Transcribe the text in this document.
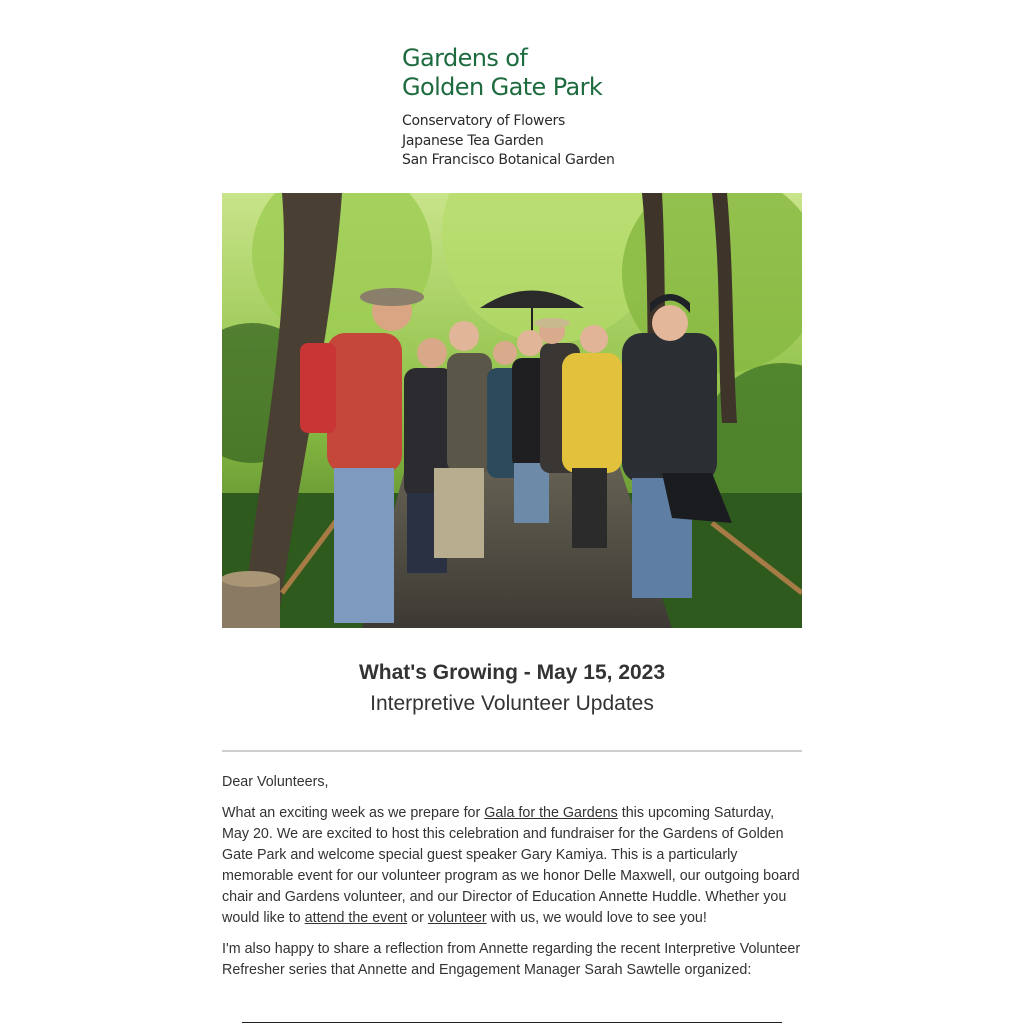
Gardens of

Golden Gate Park

Conservatory of Flowers
Japanese Tea Garden
San Francisco Botanical Garden
What's Growing - May 15, 2023
Interpretive Volunteer Updates

Dear Volunteers,

What an exciting week as we prepare for Gala for the Gardens this upcoming Saturday, May 20. We are excited to host this celebration and fundraiser for the Gardens of Golden Gate Park and welcome special guest speaker Gary Kamiya. This is a particularly memorable event for our volunteer program as we honor Delle Maxwell, our outgoing board chair and Gardens volunteer, and our Director of Education Annette Huddle. Whether you would like to attend the event or volunteer with us, we would love to see you!

I'm also happy to share a reflection from Annette regarding the recent Interpretive Volunteer Refresher series that Annette and Engagement Manager Sarah Sawtelle organized:
